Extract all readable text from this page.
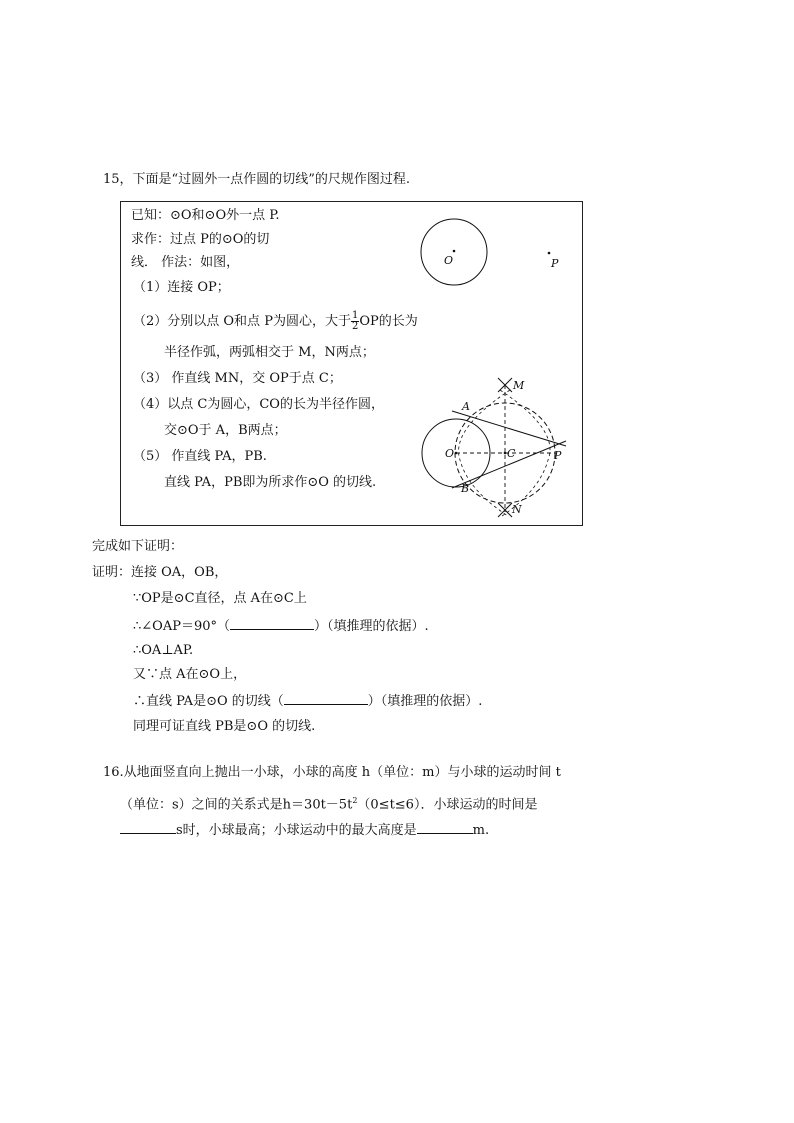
15，下面是“过圆外一点作圆的切线”的尺规作图过程.
已知：⊙O和⊙O外一点 P.
求作：过点 P的⊙O的切
线． 作法：如图，
（1）连接 OP；
（2）分别以点 O和点 P为圆心，大于 $\frac{1}{2}$ OP的长为
半径作弧，两弧相交于 M，N两点；
（3） 作直线 MN，交 OP于点 C；
（4）以点 C为圆心，CO的长为半径作圆，
交⊙O于 A，B两点；
（5） 作直线 PA，PB.
直线 PA，PB即为所求作⊙O 的切线.
O	P
M
A
O	C	P
B
N
完成如下证明：
证明：连接 OA，OB，
∵OP是⊙C直径，点 A在⊙C上
∴∠OAP＝90°（	）（填推理的依据）.
∴OA⊥AP.
又∵点 A在⊙O上，
∴直线 PA是⊙O 的切线（	）（填推理的依据）.
同理可证直线 PB是⊙O 的切线.
16.从地面竖直向上抛出一小球，小球的高度 h（单位：m）与小球的运动时间 t
（单位：s）之间的关系式是$h=30t-5t^2(0\le t\le 6)$．小球运动的时间是
s时，小球最高；小球运动中的最大高度是	m.
